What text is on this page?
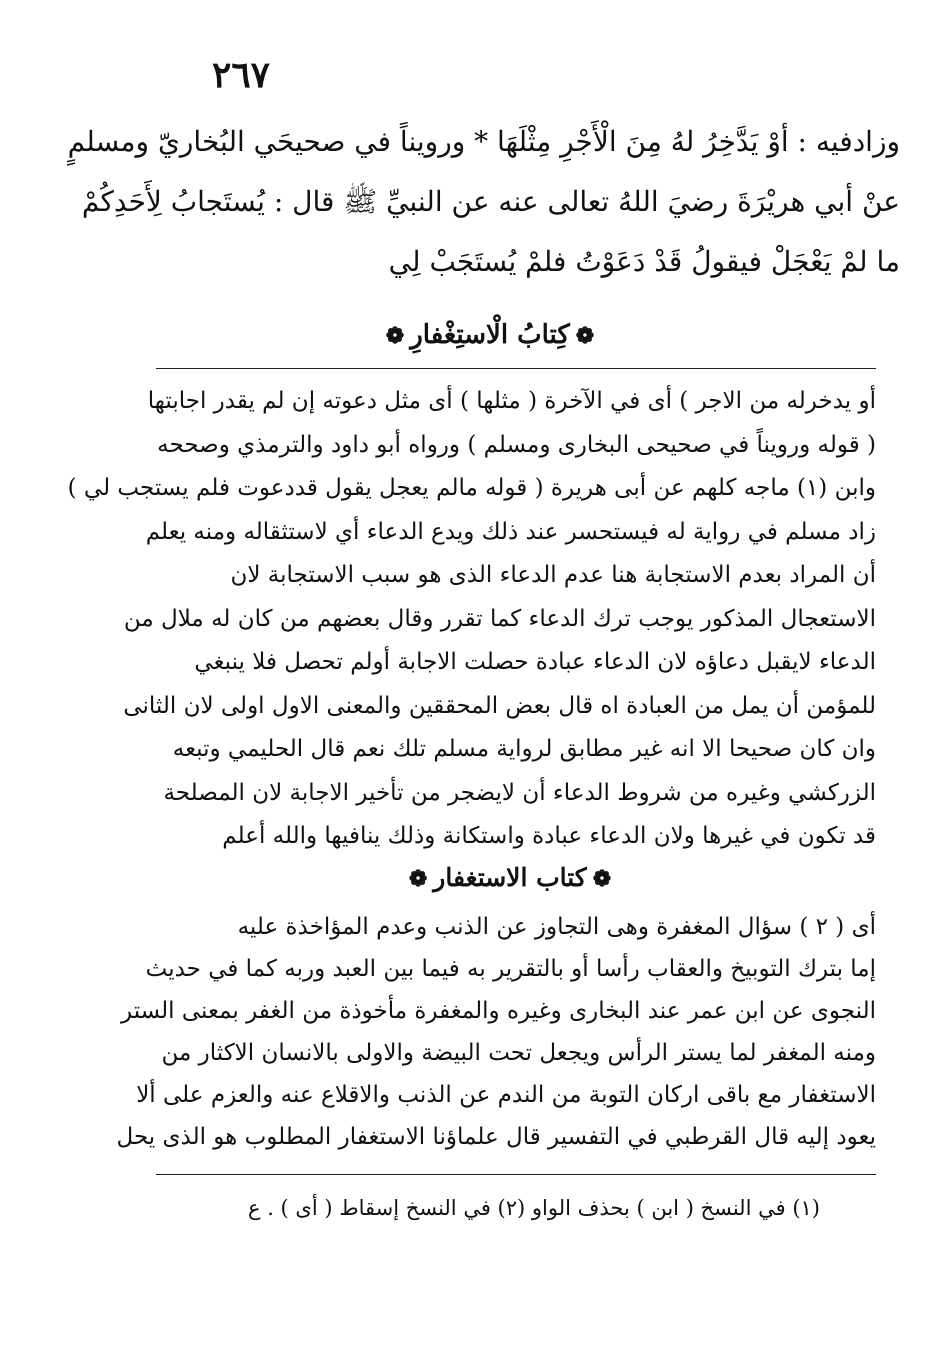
٢٦٧
وزادفيه : أوْ يَدَّخِرُ لهُ مِنَ الْأَجْرِ مِثْلَهَا * ورويناً في صحيحَي البُخاريّ ومسلمٍ
عنْ أبي هريْرَةَ رضيَ اللهُ تعالى عنه عن النبيِّ ﷺ قال : يُستَجابُ لِأَحَدِكُمْ
ما لمْ يَعْجَلْ فيقولُ قَدْ دَعَوْتُ فلمْ يُستَجَبْ لِي
❁كِتابُ الْاستِغْفارِ❁
أو يدخرله من الاجر ) أى في الآخرة ( مثلها ) أى مثل دعوته إن لم يقدر اجابتها
( قوله ورويناً في صحيحى البخارى ومسلم ) ورواه أبو داود والترمذي وصححه
وابن (١) ماجه كلهم عن أبى هريرة ( قوله مالم يعجل يقول قددعوت فلم يستجب لي )
زاد مسلم في رواية له فيستحسر عند ذلك ويدع الدعاء أي لاستثقاله ومنه يعلم
أن المراد بعدم الاستجابة هنا عدم الدعاء الذى هو سبب الاستجابة لان
الاستعجال المذكور يوجب ترك الدعاء كما تقرر وقال بعضهم من كان له ملال من
الدعاء لايقبل دعاؤه لان الدعاء عبادة حصلت الاجابة أولم تحصل فلا ينبغي
للمؤمن أن يمل من العبادة اه قال بعض المحققين والمعنى الاول اولى لان الثانى
وان كان صحيحا الا انه غير مطابق لرواية مسلم تلك نعم قال الحليمي وتبعه
الزركشي وغيره من شروط الدعاء أن لايضجر من تأخير الاجابة لان المصلحة
قد تكون في غيرها ولان الدعاء عبادة واستكانة وذلك ينافيها والله أعلم
❁كتاب الاستغفار❁
أى ( ٢ ) سؤال المغفرة وهى التجاوز عن الذنب وعدم المؤاخذة عليه
إما بترك التوبيخ والعقاب رأسا أو بالتقرير به فيما بين العبد وربه كما في حديث
النجوى عن ابن عمر عند البخارى وغيره والمغفرة مأخوذة من الغفر بمعنى الستر
ومنه المغفر لما يستر الرأس ويجعل تحت البيضة والاولى بالانسان الاكثار من
الاستغفار مع باقى اركان التوبة من الندم عن الذنب والاقلاع عنه والعزم على ألا
يعود إليه قال القرطبي في التفسير قال علماؤنا الاستغفار المطلوب هو الذى يحل
(١) في النسخ ( ابن ) بحذف الواو (٢) في النسخ إسقاط ( أى ) . ع
